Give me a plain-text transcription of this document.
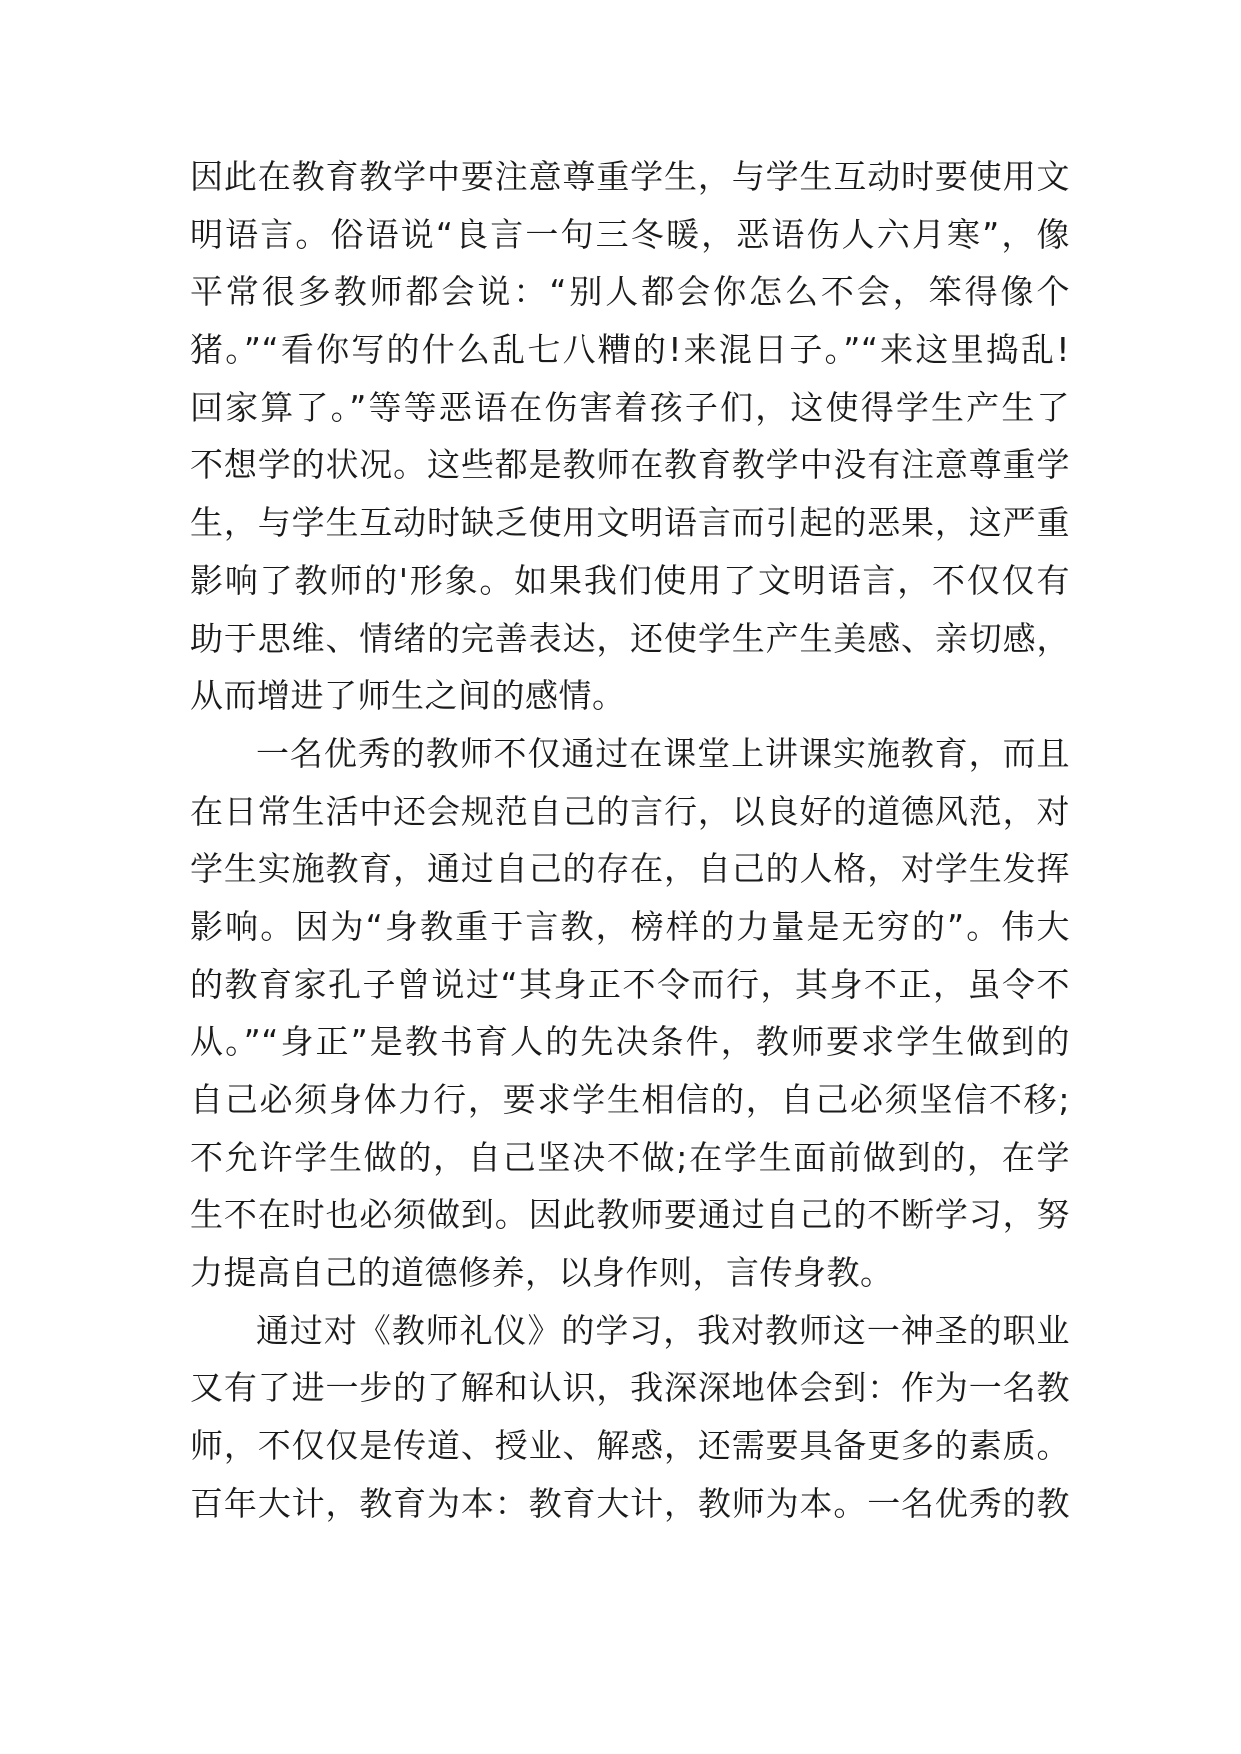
因此在教育教学中要注意尊重学生，与学生互动时要使用文
明语言。俗语说“良言一句三冬暖，恶语伤人六月寒”，像
平常很多教师都会说：“别人都会你怎么不会，笨得像个
猪。”“看你写的什么乱七八糟的!来混日子。”“来这里捣乱!
回家算了。”等等恶语在伤害着孩子们，这使得学生产生了
不想学的状况。这些都是教师在教育教学中没有注意尊重学
生，与学生互动时缺乏使用文明语言而引起的恶果，这严重
影响了教师的'形象。如果我们使用了文明语言，不仅仅有
助于思维、情绪的完善表达，还使学生产生美感、亲切感，
从而增进了师生之间的感情。
一名优秀的教师不仅通过在课堂上讲课实施教育，而且
在日常生活中还会规范自己的言行，以良好的道德风范，对
学生实施教育，通过自己的存在，自己的人格，对学生发挥
影响。因为“身教重于言教，榜样的力量是无穷的”。伟大
的教育家孔子曾说过“其身正不令而行，其身不正，虽令不
从。”“身正”是教书育人的先决条件，教师要求学生做到的
自己必须身体力行，要求学生相信的，自己必须坚信不移;
不允许学生做的，自己坚决不做;在学生面前做到的，在学
生不在时也必须做到。因此教师要通过自己的不断学习，努
力提高自己的道德修养，以身作则，言传身教。
通过对《教师礼仪》的学习，我对教师这一神圣的职业
又有了进一步的了解和认识，我深深地体会到：作为一名教
师，不仅仅是传道、授业、解惑，还需要具备更多的素质。
百年大计，教育为本：教育大计，教师为本。一名优秀的教
